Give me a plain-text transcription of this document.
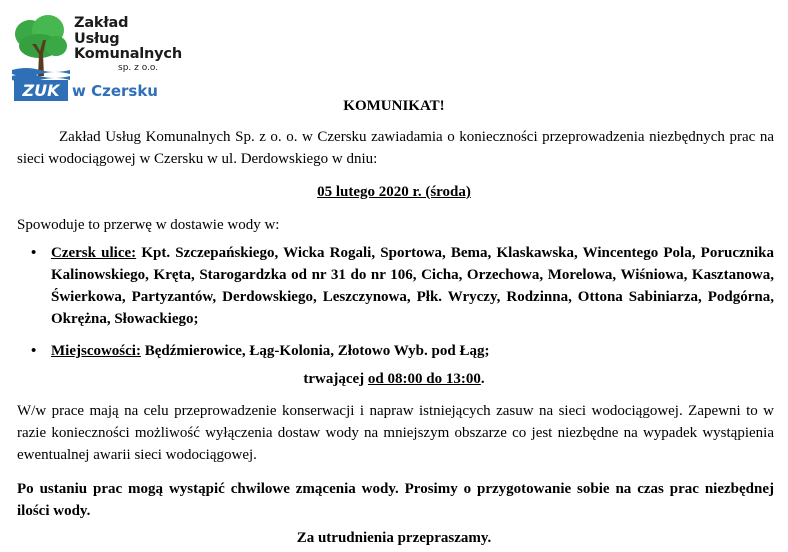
Zakład
Usług
Komunalnych
sp. z o.o.
ZUK w Czersku
KOMUNIKAT!
Zakład Usług Komunalnych Sp. z o. o. w Czersku zawiadamia o konieczności przeprowadzenia niezbędnych prac na sieci wodociągowej w Czersku w ul. Derdowskiego w dniu:
05 lutego 2020 r. (środa)
Spowoduje to przerwę w dostawie wody w:
• Czersk ulice: Kpt. Szczepańskiego, Wicka Rogali, Sportowa, Bema, Klaskawska, Wincentego Pola, Porucznika Kalinowskiego, Kręta, Starogardzka od nr 31 do nr 106, Cicha, Orzechowa, Morelowa, Wiśniowa, Kasztanowa, Świerkowa, Partyzantów, Derdowskiego, Leszczynowa, Płk. Wryczy, Rodzinna, Ottona Sabiniarza, Podgórna, Okrężna, Słowackiego;
• Miejscowości: Będźmierowice, Łąg-Kolonia, Złotowo Wyb. pod Łąg;
trwającej od 08:00 do 13:00.
W/w prace mają na celu przeprowadzenie konserwacji i napraw istniejących zasuw na sieci wodociągowej. Zapewni to w razie konieczności możliwość wyłączenia dostaw wody na mniejszym obszarze co jest niezbędne na wypadek wystąpienia ewentualnej awarii sieci wodociągowej.
Po ustaniu prac mogą wystąpić chwilowe zmącenia wody. Prosimy o przygotowanie sobie na czas prac niezbędnej ilości wody.
Za utrudnienia przepraszamy.
